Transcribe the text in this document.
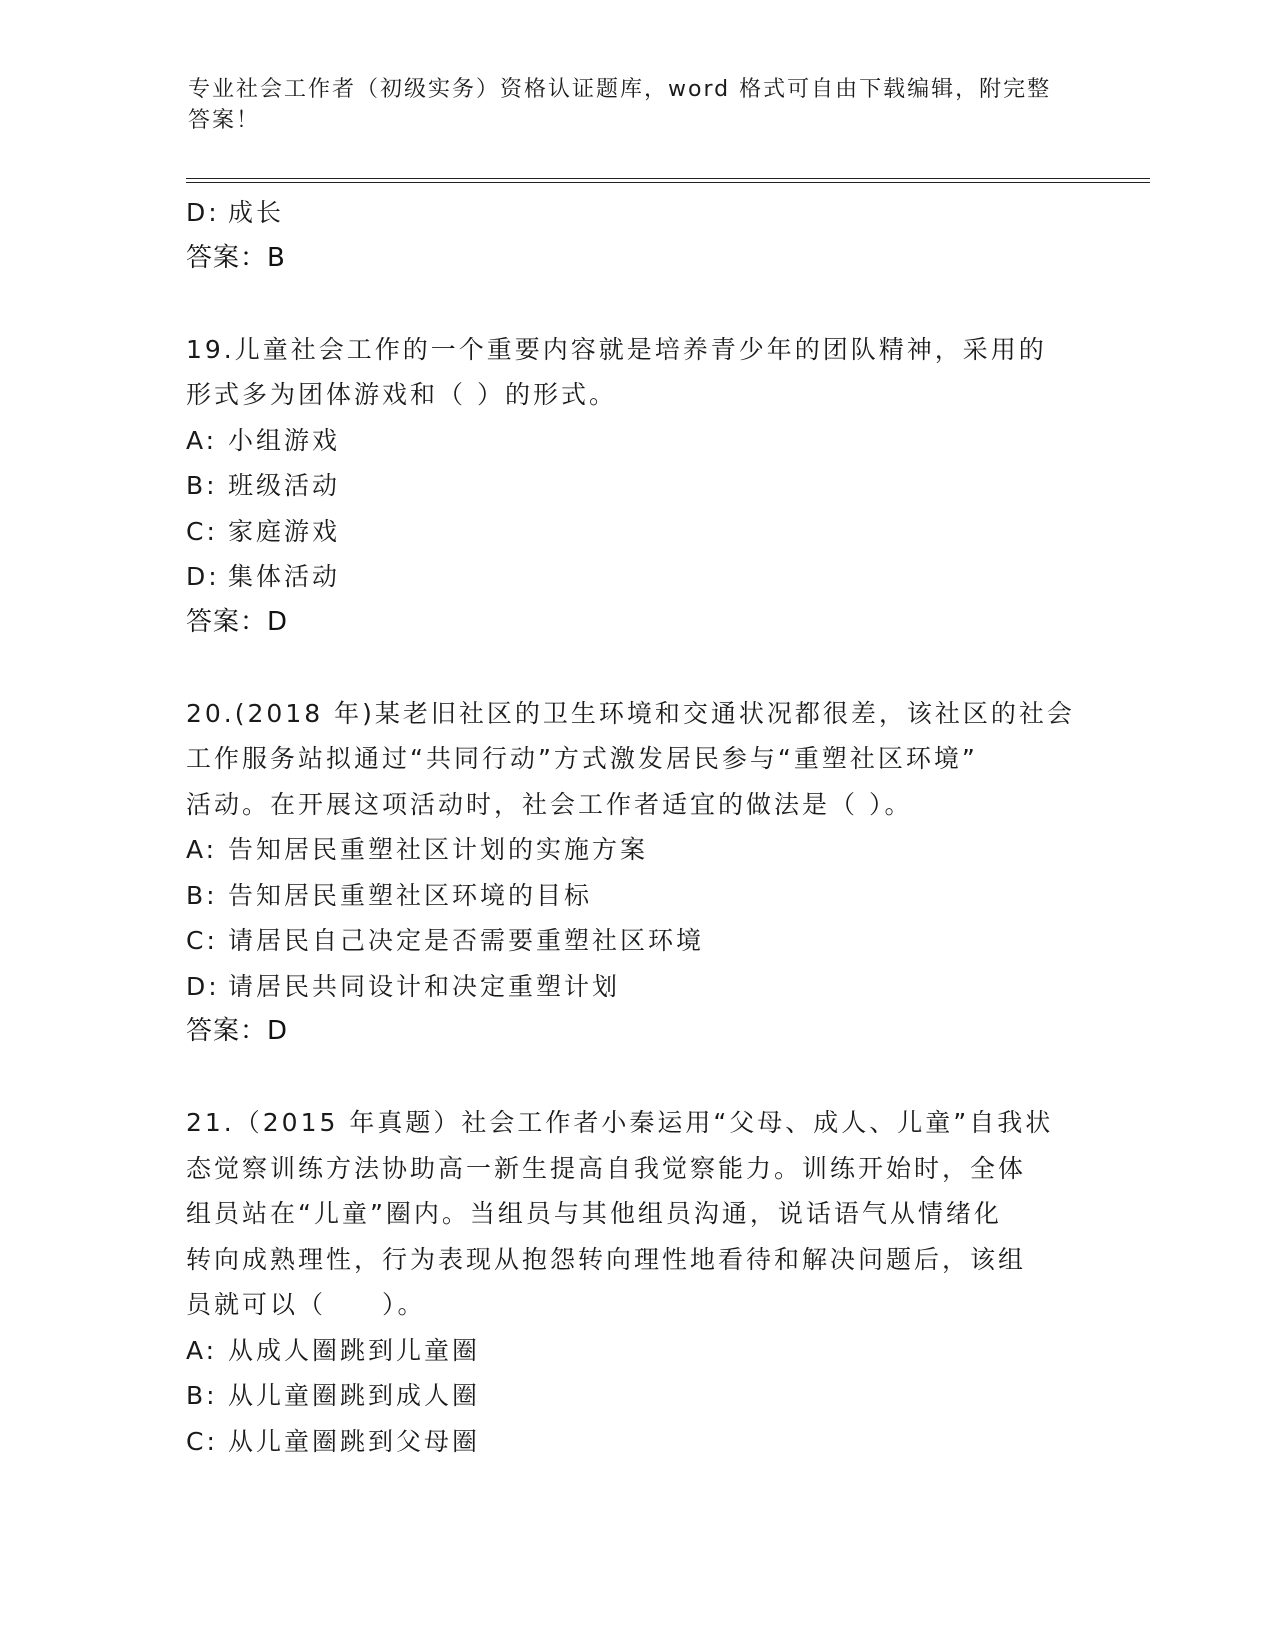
专业社会工作者（初级实务）资格认证题库，word 格式可自由下载编辑，附完整
答案！
D: 成长
答案：B
19.儿童社会工作的一个重要内容就是培养青少年的团队精神，采用的
形式多为团体游戏和（ ）的形式。
A: 小组游戏
B: 班级活动
C: 家庭游戏
D: 集体活动
答案：D
20.(2018 年)某老旧社区的卫生环境和交通状况都很差，该社区的社会
工作服务站拟通过“共同行动”方式激发居民参与“重塑社区环境”
活动。在开展这项活动时，社会工作者适宜的做法是（ ）。
A: 告知居民重塑社区计划的实施方案
B: 告知居民重塑社区环境的目标
C: 请居民自己决定是否需要重塑社区环境
D: 请居民共同设计和决定重塑计划
答案：D
21.（2015 年真题）社会工作者小秦运用“父母、成人、儿童”自我状
态觉察训练方法协助高一新生提高自我觉察能力。训练开始时，全体
组员站在“儿童”圈内。当组员与其他组员沟通，说话语气从情绪化
转向成熟理性，行为表现从抱怨转向理性地看待和解决问题后，该组
员就可以（　　）。
A: 从成人圈跳到儿童圈
B: 从儿童圈跳到成人圈
C: 从儿童圈跳到父母圈
